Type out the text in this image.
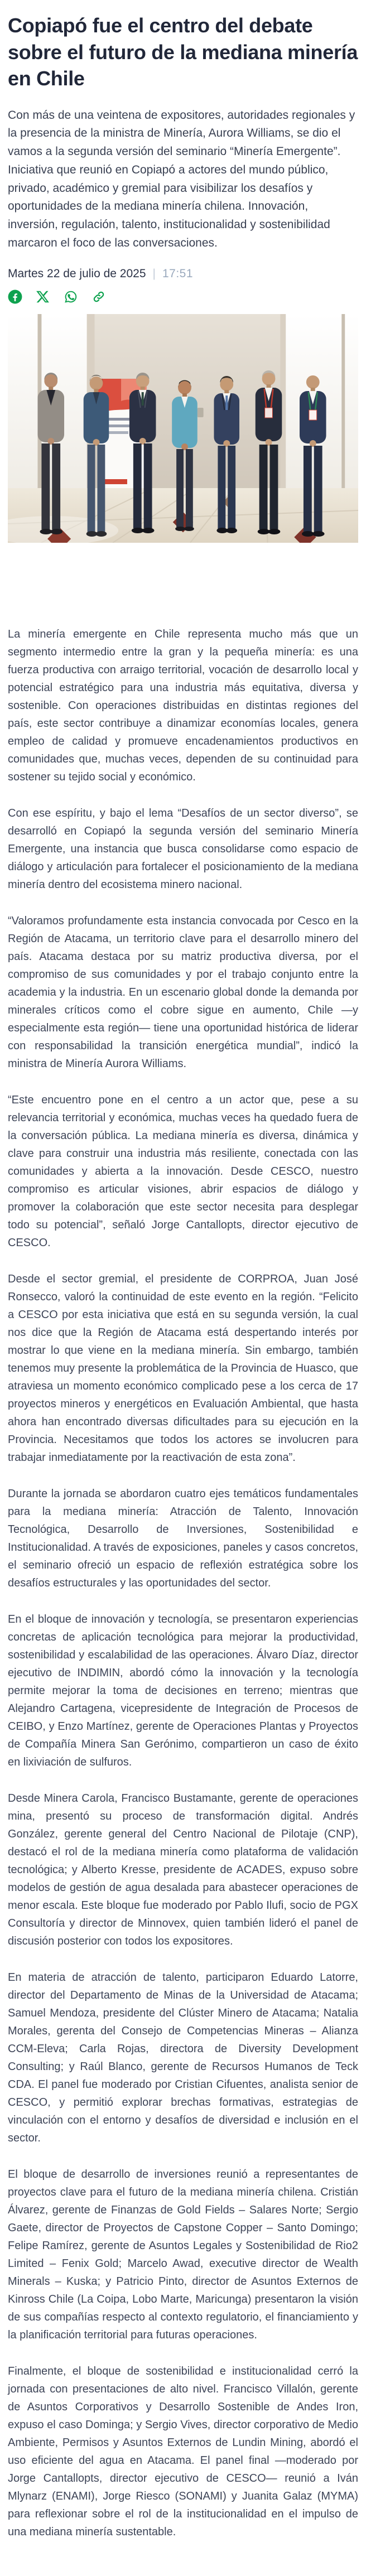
Copiapó fue el centro del debate sobre el futuro de la mediana minería en Chile

Con más de una veintena de expositores, autoridades regionales y la presencia de la ministra de Minería, Aurora Williams, se dio el vamos a la segunda versión del seminario “Minería Emergente”. Iniciativa que reunió en Copiapó a actores del mundo público, privado, académico y gremial para visibilizar los desafíos y oportunidades de la mediana minería chilena. Innovación, inversión, regulación, talento, institucionalidad y sostenibilidad marcaron el foco de las conversaciones.

Martes 22 de julio de 2025 | 17:51

La minería emergente en Chile representa mucho más que un segmento intermedio entre la gran y la pequeña minería: es una fuerza productiva con arraigo territorial, vocación de desarrollo local y potencial estratégico para una industria más equitativa, diversa y sostenible. Con operaciones distribuidas en distintas regiones del país, este sector contribuye a dinamizar economías locales, genera empleo de calidad y promueve encadenamientos productivos en comunidades que, muchas veces, dependen de su continuidad para sostener su tejido social y económico.

Con ese espíritu, y bajo el lema “Desafíos de un sector diverso”, se desarrolló en Copiapó la segunda versión del seminario Minería Emergente, una instancia que busca consolidarse como espacio de diálogo y articulación para fortalecer el posicionamiento de la mediana minería dentro del ecosistema minero nacional.

“Valoramos profundamente esta instancia convocada por Cesco en la Región de Atacama, un territorio clave para el desarrollo minero del país. Atacama destaca por su matriz productiva diversa, por el compromiso de sus comunidades y por el trabajo conjunto entre la academia y la industria. En un escenario global donde la demanda por minerales críticos como el cobre sigue en aumento, Chile —y especialmente esta región— tiene una oportunidad histórica de liderar con responsabilidad la transición energética mundial”, indicó la ministra de Minería Aurora Williams.

“Este encuentro pone en el centro a un actor que, pese a su relevancia territorial y económica, muchas veces ha quedado fuera de la conversación pública. La mediana minería es diversa, dinámica y clave para construir una industria más resiliente, conectada con las comunidades y abierta a la innovación. Desde CESCO, nuestro compromiso es articular visiones, abrir espacios de diálogo y promover la colaboración que este sector necesita para desplegar todo su potencial”, señaló Jorge Cantallopts, director ejecutivo de CESCO.

Desde el sector gremial, el presidente de CORPROA, Juan José Ronsecco, valoró la continuidad de este evento en la región. “Felicito a CESCO por esta iniciativa que está en su segunda versión, la cual nos dice que la Región de Atacama está despertando interés por mostrar lo que viene en la mediana minería. Sin embargo, también tenemos muy presente la problemática de la Provincia de Huasco, que atraviesa un momento económico complicado pese a los cerca de 17 proyectos mineros y energéticos en Evaluación Ambiental, que hasta ahora han encontrado diversas dificultades para su ejecución en la Provincia. Necesitamos que todos los actores se involucren para trabajar inmediatamente por la reactivación de esta zona”.

Durante la jornada se abordaron cuatro ejes temáticos fundamentales para la mediana minería: Atracción de Talento, Innovación Tecnológica, Desarrollo de Inversiones, Sostenibilidad e Institucionalidad. A través de exposiciones, paneles y casos concretos, el seminario ofreció un espacio de reflexión estratégica sobre los desafíos estructurales y las oportunidades del sector.

En el bloque de innovación y tecnología, se presentaron experiencias concretas de aplicación tecnológica para mejorar la productividad, sostenibilidad y escalabilidad de las operaciones. Álvaro Díaz, director ejecutivo de INDIMIN, abordó cómo la innovación y la tecnología permite mejorar la toma de decisiones en terreno; mientras que Alejandro Cartagena, vicepresidente de Integración de Procesos de CEIBO, y Enzo Martínez, gerente de Operaciones Plantas y Proyectos de Compañía Minera San Gerónimo, compartieron un caso de éxito en lixiviación de sulfuros.

Desde Minera Carola, Francisco Bustamante, gerente de operaciones mina, presentó su proceso de transformación digital. Andrés González, gerente general del Centro Nacional de Pilotaje (CNP), destacó el rol de la mediana minería como plataforma de validación tecnológica; y Alberto Kresse, presidente de ACADES, expuso sobre modelos de gestión de agua desalada para abastecer operaciones de menor escala. Este bloque fue moderado por Pablo Ilufi, socio de PGX Consultoría y director de Minnovex, quien también lideró el panel de discusión posterior con todos los expositores.

En materia de atracción de talento, participaron Eduardo Latorre, director del Departamento de Minas de la Universidad de Atacama; Samuel Mendoza, presidente del Clúster Minero de Atacama; Natalia Morales, gerenta del Consejo de Competencias Mineras – Alianza CCM-Eleva; Carla Rojas, directora de Diversity Development Consulting; y Raúl Blanco, gerente de Recursos Humanos de Teck CDA. El panel fue moderado por Cristian Cifuentes, analista senior de CESCO, y permitió explorar brechas formativas, estrategias de vinculación con el entorno y desafíos de diversidad e inclusión en el sector.

El bloque de desarrollo de inversiones reunió a representantes de proyectos clave para el futuro de la mediana minería chilena. Cristián Álvarez, gerente de Finanzas de Gold Fields – Salares Norte; Sergio Gaete, director de Proyectos de Capstone Copper – Santo Domingo; Felipe Ramírez, gerente de Asuntos Legales y Sostenibilidad de Rio2 Limited – Fenix Gold; Marcelo Awad, executive director de Wealth Minerals – Kuska; y Patricio Pinto, director de Asuntos Externos de Kinross Chile (La Coipa, Lobo Marte, Maricunga) presentaron la visión de sus compañías respecto al contexto regulatorio, el financiamiento y la planificación territorial para futuras operaciones.

Finalmente, el bloque de sostenibilidad e institucionalidad cerró la jornada con presentaciones de alto nivel. Francisco Villalón, gerente de Asuntos Corporativos y Desarrollo Sostenible de Andes Iron, expuso el caso Dominga; y Sergio Vives, director corporativo de Medio Ambiente, Permisos y Asuntos Externos de Lundin Mining, abordó el uso eficiente del agua en Atacama. El panel final —moderado por Jorge Cantallopts, director ejecutivo de CESCO— reunió a Iván Mlynarz (ENAMI), Jorge Riesco (SONAMI) y Juanita Galaz (MYMA) para reflexionar sobre el rol de la institucionalidad en el impulso de una mediana minería sustentable.
